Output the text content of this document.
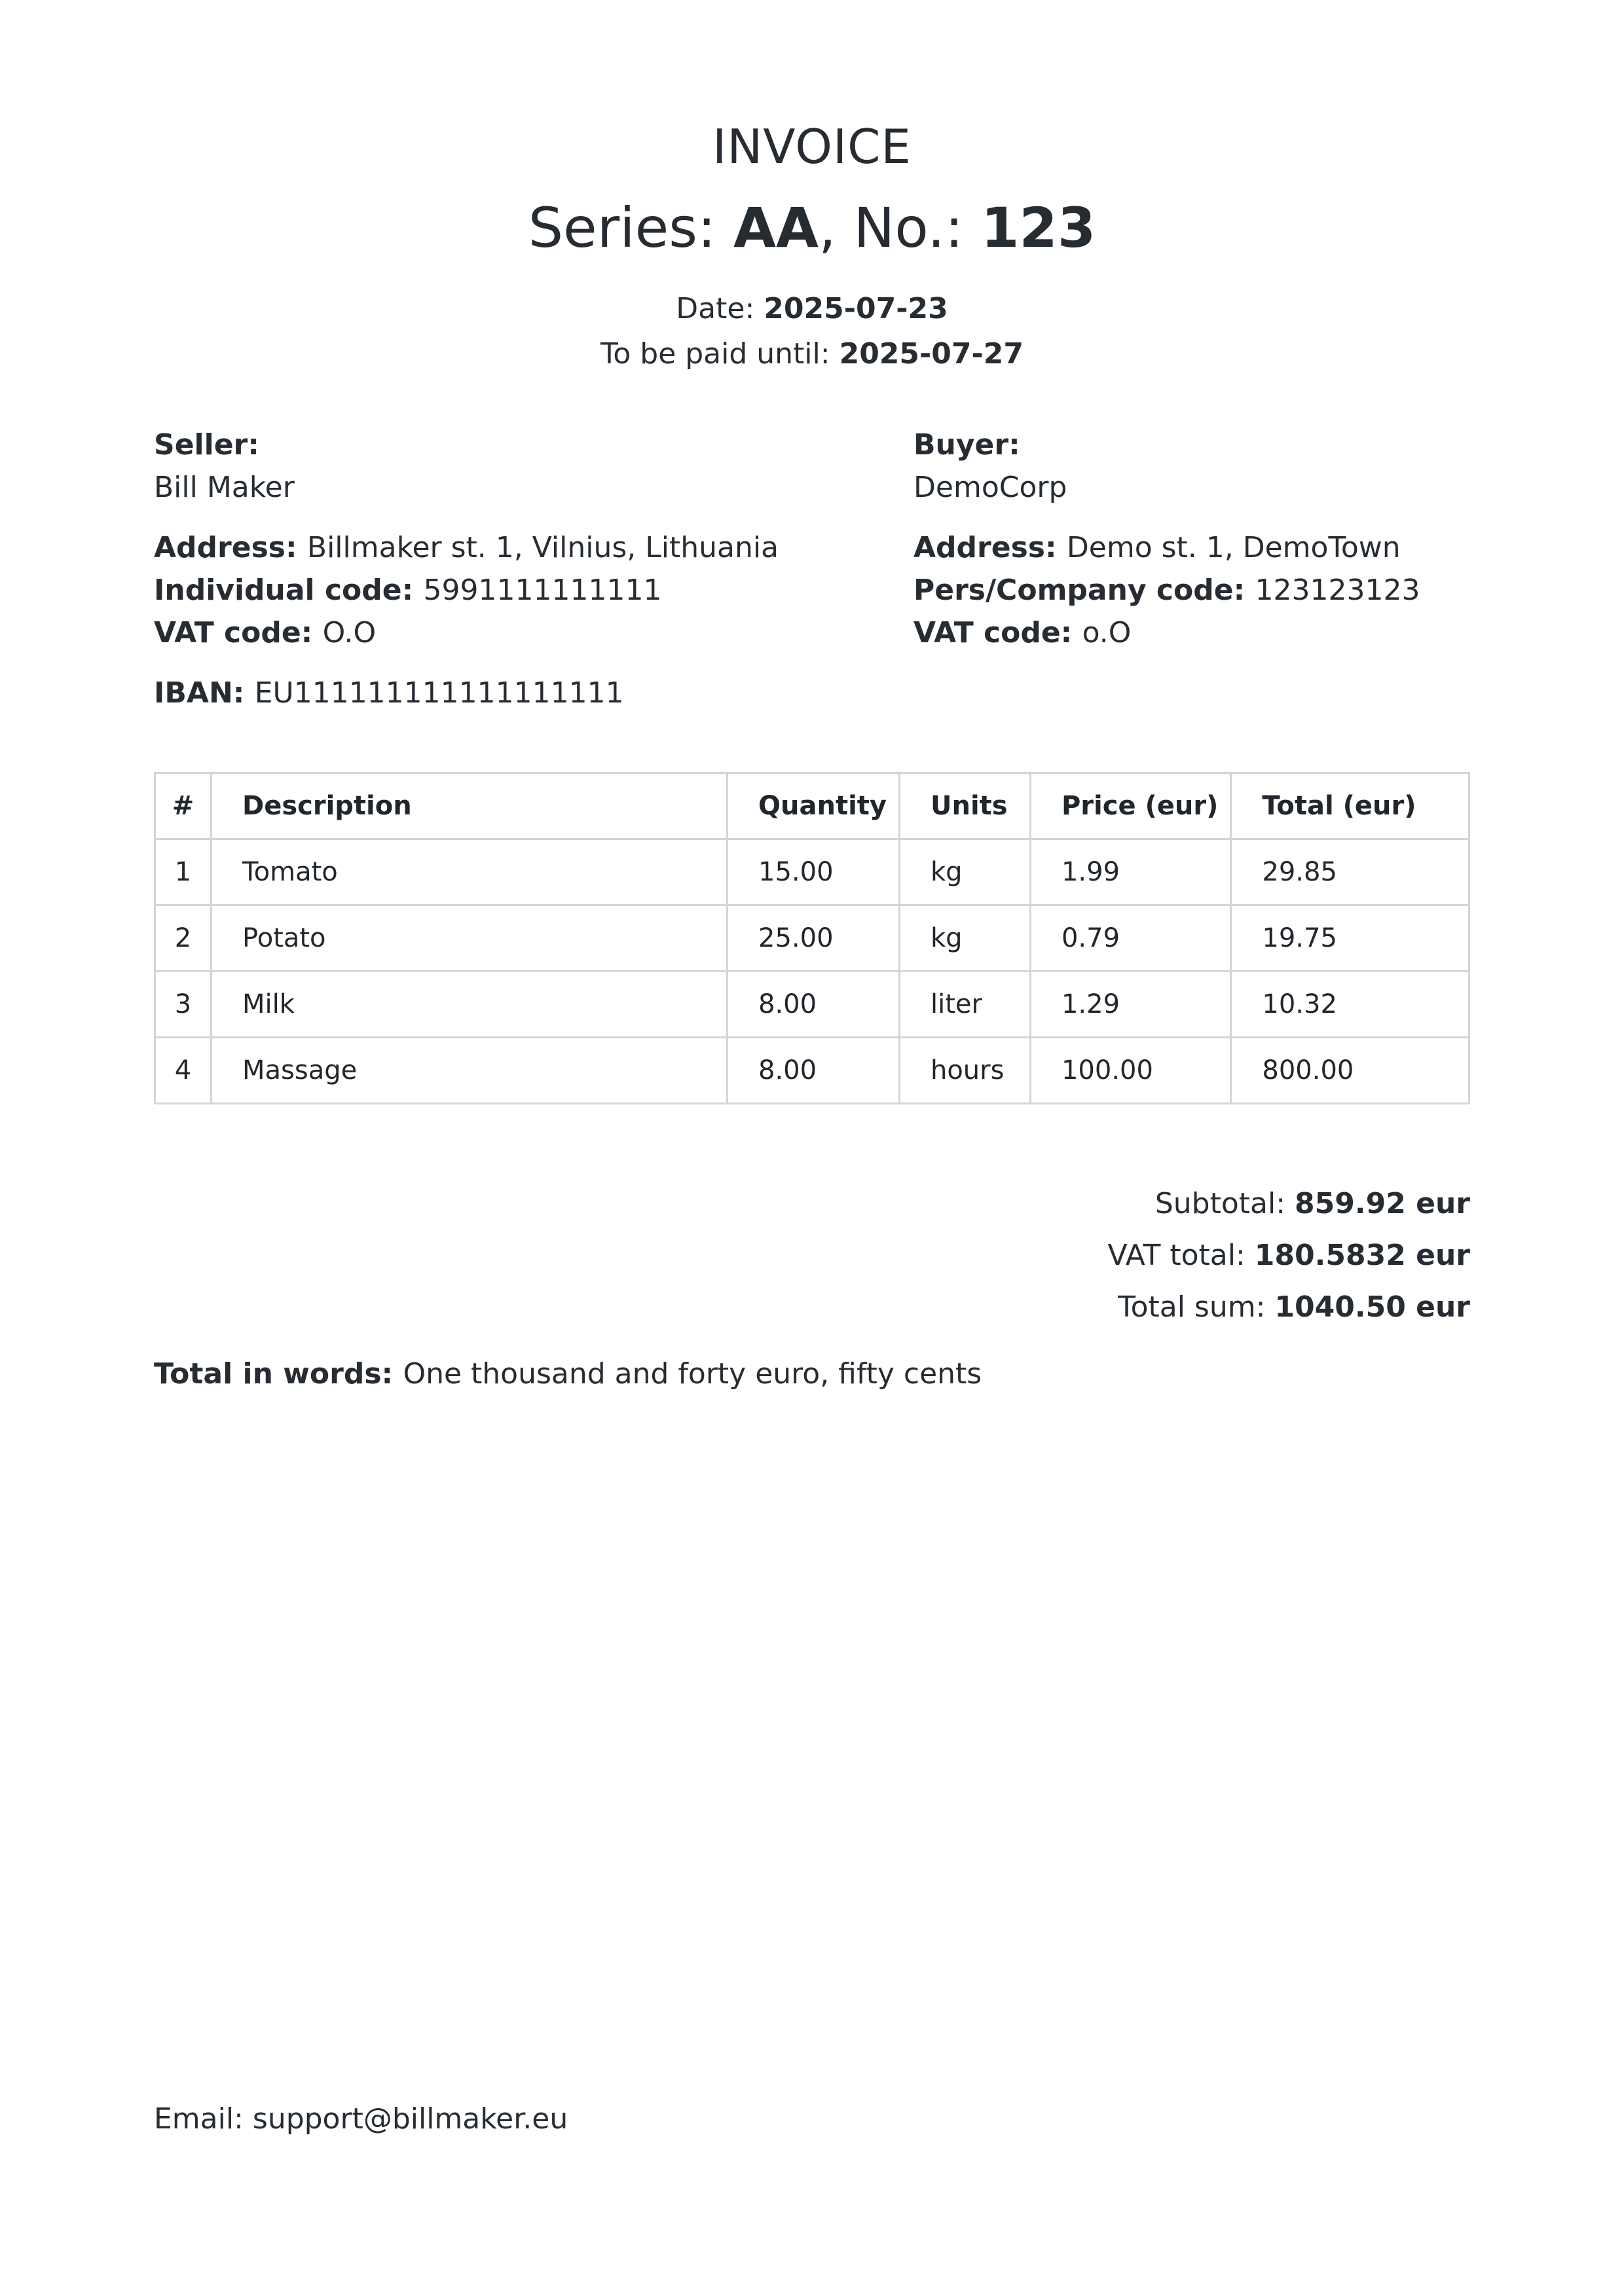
INVOICE
Series: AA, No.: 123
Date: 2025-07-23
To be paid until: 2025-07-27
Seller:
Bill Maker
Address: Billmaker st. 1, Vilnius, Lithuania
Individual code: 5991111111111
VAT code: O.O
IBAN: EU111111111111111111
Buyer:
DemoCorp
Address: Demo st. 1, DemoTown
Pers/Company code: 123123123
VAT code: o.O
#	Description	Quantity	Units	Price (eur)	Total (eur)
1	Tomato	15.00	kg	1.99	29.85
2	Potato	25.00	kg	0.79	19.75
3	Milk	8.00	liter	1.29	10.32
4	Massage	8.00	hours	100.00	800.00
Subtotal: 859.92 eur
VAT total: 180.5832 eur
Total sum: 1040.50 eur
Total in words: One thousand and forty euro, fifty cents
Email: support@billmaker.eu
